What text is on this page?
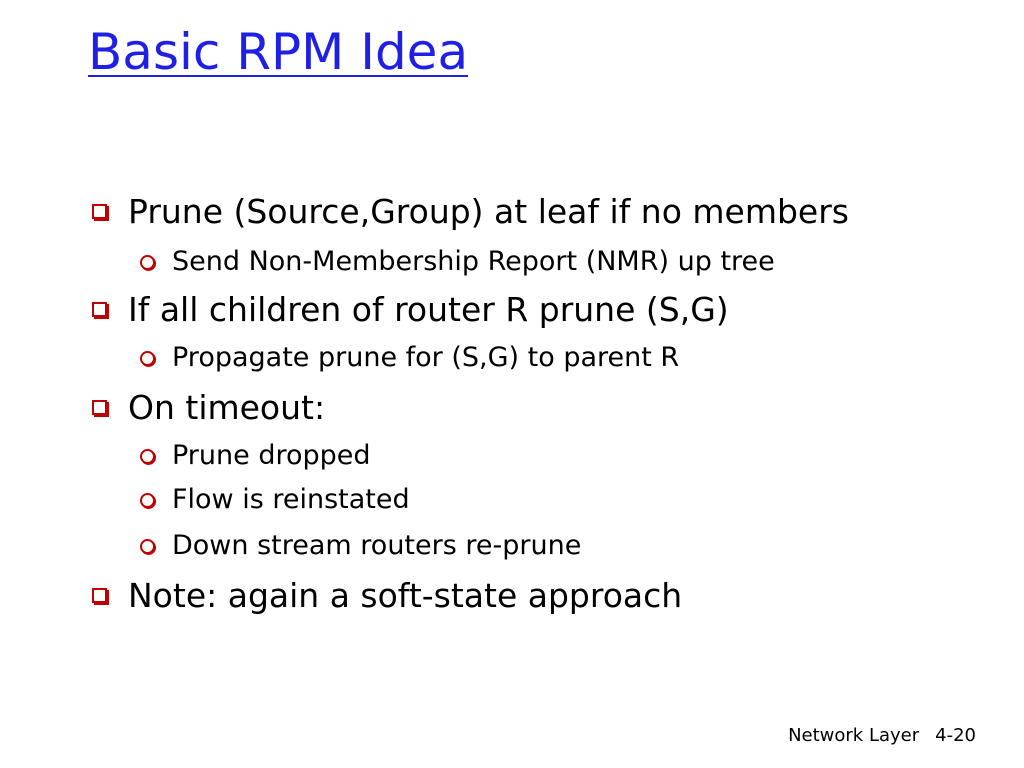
Basic RPM Idea
Prune (Source,Group) at leaf if no members
Send Non-Membership Report (NMR) up tree
If all children of router R prune (S,G)
Propagate prune for (S,G) to parent R
On timeout:
Prune dropped
Flow is reinstated
Down stream routers re-prune
Note: again a soft-state approach
Network Layer 4-20
